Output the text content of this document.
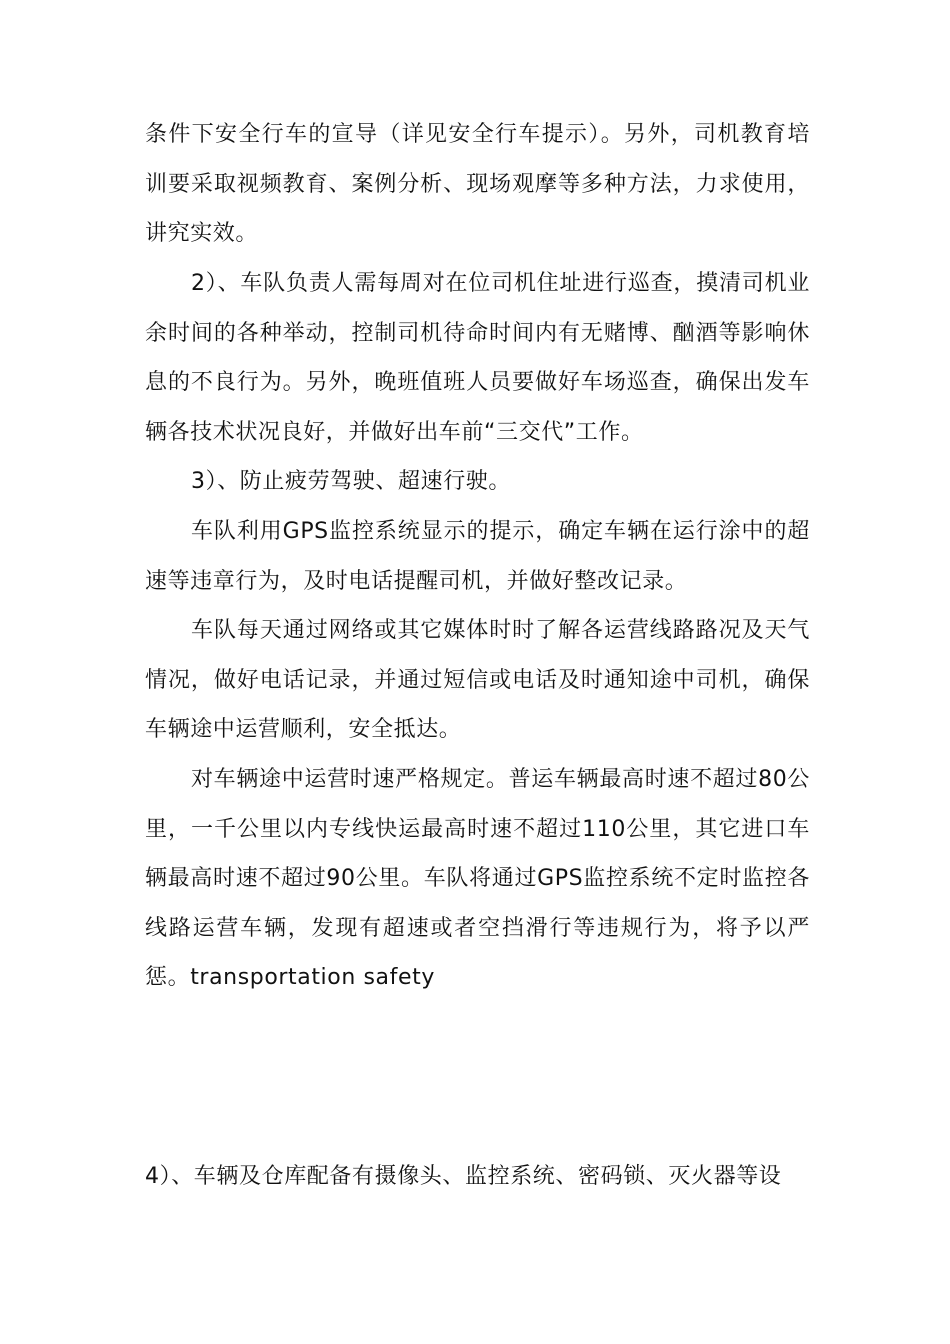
条件下安全行车的宣导（详见安全行车提示）。另外，司机教育培训要采取视频教育、案例分析、现场观摩等多种方法，力求使用，讲究实效。

2）、车队负责人需每周对在位司机住址进行巡查，摸清司机业余时间的各种举动，控制司机待命时间内有无赌博、酗酒等影响休息的不良行为。另外，晚班值班人员要做好车场巡查，确保出发车辆各技术状况良好，并做好出车前“三交代”工作。

3）、防止疲劳驾驶、超速行驶。

车队利用GPS监控系统显示的提示，确定车辆在运行涂中的超速等违章行为，及时电话提醒司机，并做好整改记录。

车队每天通过网络或其它媒体时时了解各运营线路路况及天气情况，做好电话记录，并通过短信或电话及时通知途中司机，确保车辆途中运营顺利，安全抵达。

对车辆途中运营时速严格规定。普运车辆最高时速不超过80公里，一千公里以内专线快运最高时速不超过110公里，其它进口车辆最高时速不超过90公里。车队将通过GPS监控系统不定时监控各线路运营车辆，发现有超速或者空挡滑行等违规行为，将予以严惩。transportation safety

4）、车辆及仓库配备有摄像头、监控系统、密码锁、灭火器等设
